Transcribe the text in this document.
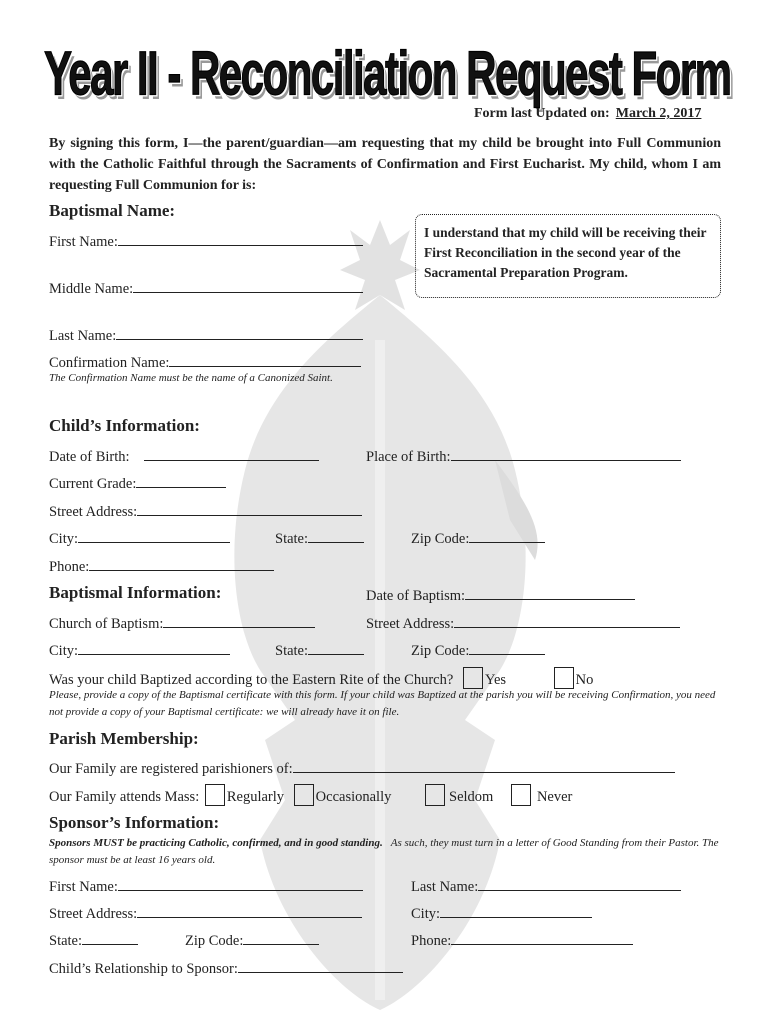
Year II - Reconciliation Request Form
Form last Updated on: March 2, 2017
By signing this form, I—the parent/guardian—am requesting that my child be brought into Full Communion with the Catholic Faithful through the Sacraments of Confirmation and First Eucharist. My child, whom I am requesting Full Communion for is:
Baptismal Name:
First Name:
Middle Name:
Last Name:
Confirmation Name:
The Confirmation Name must be the name of a Canonized Saint.
I understand that my child will be receiving their First Reconciliation in the second year of the Sacramental Preparation Program.
Child’s Information:
Date of Birth:	Place of Birth:
Current Grade:
Street Address:
City:	State:	Zip Code:
Phone:
Baptismal Information:	Date of Baptism:
Church of Baptism:	Street Address:
City:	State:	Zip Code:
Was your child Baptized according to the Eastern Rite of the Church? Yes	No
Please, provide a copy of the Baptismal certificate with this form. If your child was Baptized at the parish you will be receiving Confirmation, you need not provide a copy of your Baptismal certificate: we will already have it on file.
Parish Membership:
Our Family are registered parishioners of:
Our Family attends Mass: Regularly Occasionally	Seldom	Never
Sponsor’s Information:
Sponsors MUST be practicing Catholic, confirmed, and in good standing. As such, they must turn in a letter of Good Standing from their Pastor. The sponsor must be at least 16 years old.
First Name:	Last Name:
Street Address:	City:
State:	Zip Code:	Phone:
Child’s Relationship to Sponsor:
